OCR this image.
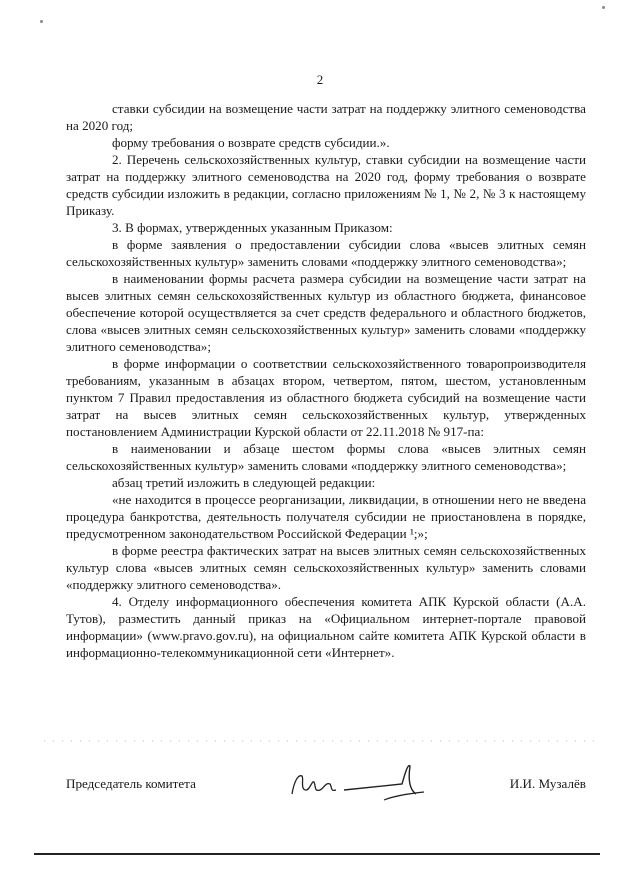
2

ставки субсидии на возмещение части затрат на поддержку элитного семеноводства на 2020 год;

форму требования о возврате средств субсидии.».

2. Перечень сельскохозяйственных культур, ставки субсидии на возмещение части затрат на поддержку элитного семеноводства на 2020 год, форму требования о возврате средств субсидии изложить в редакции, согласно приложениям № 1, № 2, № 3 к настоящему Приказу.

3. В формах, утвержденных указанным Приказом:

в форме заявления о предоставлении субсидии слова «высев элитных семян сельскохозяйственных культур» заменить словами «поддержку элитного семеноводства»;

в наименовании формы расчета размера субсидии на возмещение части затрат на высев элитных семян сельскохозяйственных культур из областного бюджета, финансовое обеспечение которой осуществляется за счет средств федерального и областного бюджетов, слова «высев элитных семян сельскохозяйственных культур» заменить словами «поддержку элитного семеноводства»;

в форме информации о соответствии сельскохозяйственного товаропроизводителя требованиям, указанным в абзацах втором, четвертом, пятом, шестом, установленным пунктом 7 Правил предоставления из областного бюджета субсидий на возмещение части затрат на высев элитных семян сельскохозяйственных культур, утвержденных постановлением Администрации Курской области от 22.11.2018 № 917-па:

в наименовании и абзаце шестом формы слова «высев элитных семян сельскохозяйственных культур» заменить словами «поддержку элитного семеноводства»;

абзац третий изложить в следующей редакции:

«не находится в процессе реорганизации, ликвидации, в отношении него не введена процедура банкротства, деятельность получателя субсидии не приостановлена в порядке, предусмотренном законодательством Российской Федерации ¹;»;

в форме реестра фактических затрат на высев элитных семян сельскохозяйственных культур слова «высев элитных семян сельскохозяйственных культур» заменить словами «поддержку элитного семеноводства».

4. Отделу информационного обеспечения комитета АПК Курской области (А.А. Тутов), разместить данный приказ на «Официальном интернет-портале правовой информации» (www.pravo.gov.ru), на официальном сайте комитета АПК Курской области в информационно-телекоммуникационной сети «Интернет».

Председатель комитета	И.И. Музалёв
